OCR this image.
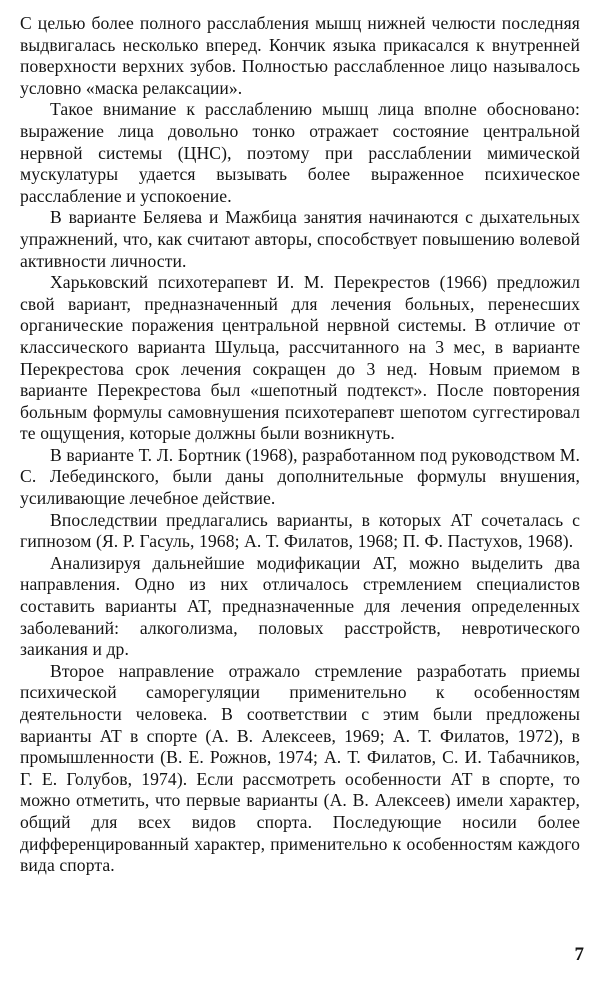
С целью более полного расслабления мышц нижней челюсти последняя выдвигалась несколько вперед. Кончик языка прикасался к внутренней поверхности верхних зубов. Полностью расслабленное лицо называлось условно «маска релаксации».

Такое внимание к расслаблению мышц лица вполне обосновано: выражение лица довольно тонко отражает состояние центральной нервной системы (ЦНС), поэтому при расслаблении мимической мускулатуры удается вызывать более выраженное психическое расслабление и успокоение.

В варианте Беляева и Мажбица занятия начинаются с дыхательных упражнений, что, как считают авторы, способствует повышению волевой активности личности.

Харьковский психотерапевт И. М. Перекрестов (1966) предложил свой вариант, предназначенный для лечения больных, перенесших органические поражения центральной нервной системы. В отличие от классического варианта Шульца, рассчитанного на 3 мес, в варианте Перекрестова срок лечения сокращен до 3 нед. Новым приемом в варианте Перекрестова был «шепотный подтекст». После повторения больным формулы самовнушения психотерапевт шепотом суггестировал те ощущения, которые должны были возникнуть.

В варианте Т. Л. Бортник (1968), разработанном под руководством М. С. Лебединского, были даны дополнительные формулы внушения, усиливающие лечебное действие.

Впоследствии предлагались варианты, в которых АТ сочеталась с гипнозом (Я. Р. Гасуль, 1968; А. Т. Филатов, 1968; П. Ф. Пастухов, 1968).

Анализируя дальнейшие модификации АТ, можно выделить два направления. Одно из них отличалось стремлением специалистов составить варианты АТ, предназначенные для лечения определенных заболеваний: алкоголизма, половых расстройств, невротического заикания и др.

Второе направление отражало стремление разработать приемы психической саморегуляции применительно к особенностям деятельности человека. В соответствии с этим были предложены варианты АТ в спорте (А. В. Алексеев, 1969; А. Т. Филатов, 1972), в промышленности (В. Е. Рожнов, 1974; А. Т. Филатов, С. И. Табачников, Г. Е. Голубов, 1974). Если рассмотреть особенности АТ в спорте, то можно отметить, что первые варианты (А. В. Алексеев) имели характер, общий для всех видов спорта. Последующие носили более дифференцированный характер, применительно к особенностям каждого вида спорта.

7
